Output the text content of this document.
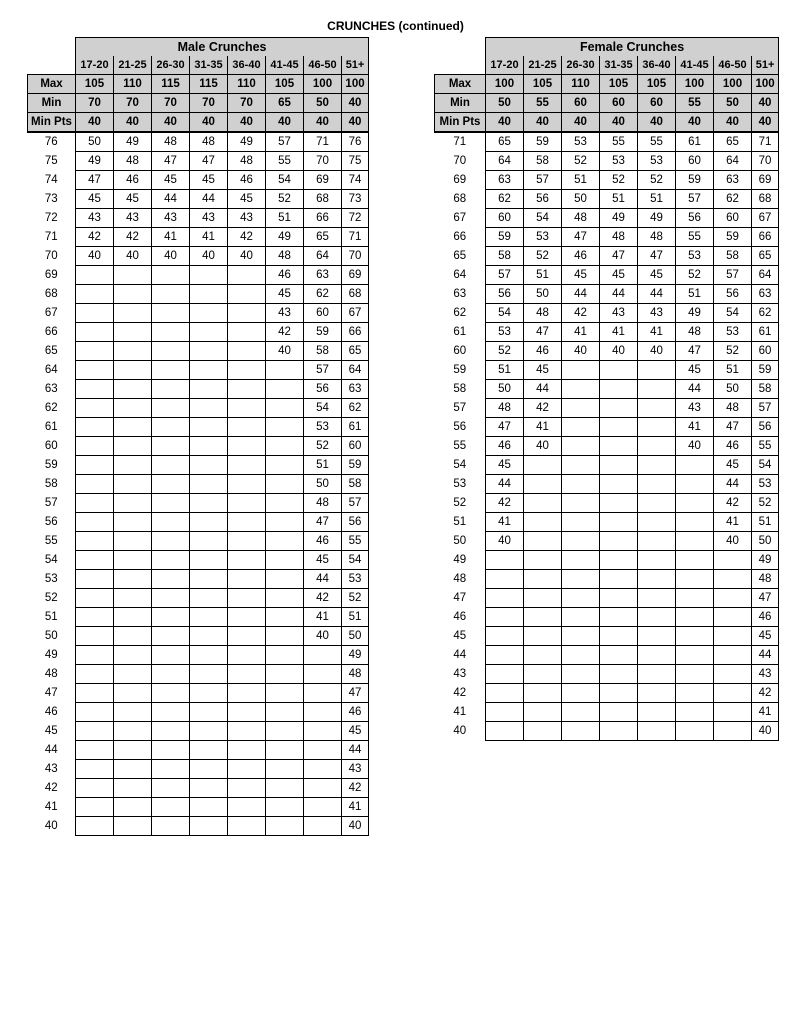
CRUNCHES (continued)
	Male Crunches							
	17-20	21-25	26-30	31-35	36-40	41-45	46-50	51+
Max	105	110	115	115	110	105	100	100
Min	70	70	70	70	70	65	50	40
Min Pts	40	40	40	40	40	40	40	40
76	50	49	48	48	49	57	71	76
75	49	48	47	47	48	55	70	75
74	47	46	45	45	46	54	69	74
73	45	45	44	44	45	52	68	73
72	43	43	43	43	43	51	66	72
71	42	42	41	41	42	49	65	71
70	40	40	40	40	40	48	64	70
69						46	63	69
68						45	62	68
67						43	60	67
66						42	59	66
65						40	58	65
64							57	64
63							56	63
62							54	62
61							53	61
60							52	60
59							51	59
58							50	58
57							48	57
56							47	56
55							46	55
54							45	54
53							44	53
52							42	52
51							41	51
50							40	50
49								49
48								48
47								47
46								46
45								45
44								44
43								43
42								42
41								41
40								40
	Female Crunches							
	17-20	21-25	26-30	31-35	36-40	41-45	46-50	51+
Max	100	105	110	105	105	100	100	100
Min	50	55	60	60	60	55	50	40
Min Pts	40	40	40	40	40	40	40	40
71	65	59	53	55	55	61	65	71
70	64	58	52	53	53	60	64	70
69	63	57	51	52	52	59	63	69
68	62	56	50	51	51	57	62	68
67	60	54	48	49	49	56	60	67
66	59	53	47	48	48	55	59	66
65	58	52	46	47	47	53	58	65
64	57	51	45	45	45	52	57	64
63	56	50	44	44	44	51	56	63
62	54	48	42	43	43	49	54	62
61	53	47	41	41	41	48	53	61
60	52	46	40	40	40	47	52	60
59	51	45				45	51	59
58	50	44				44	50	58
57	48	42				43	48	57
56	47	41				41	47	56
55	46	40				40	46	55
54	45						45	54
53	44						44	53
52	42						42	52
51	41						41	51
50	40						40	50
49								49
48								48
47								47
46								46
45								45
44								44
43								43
42								42
41								41
40								40
